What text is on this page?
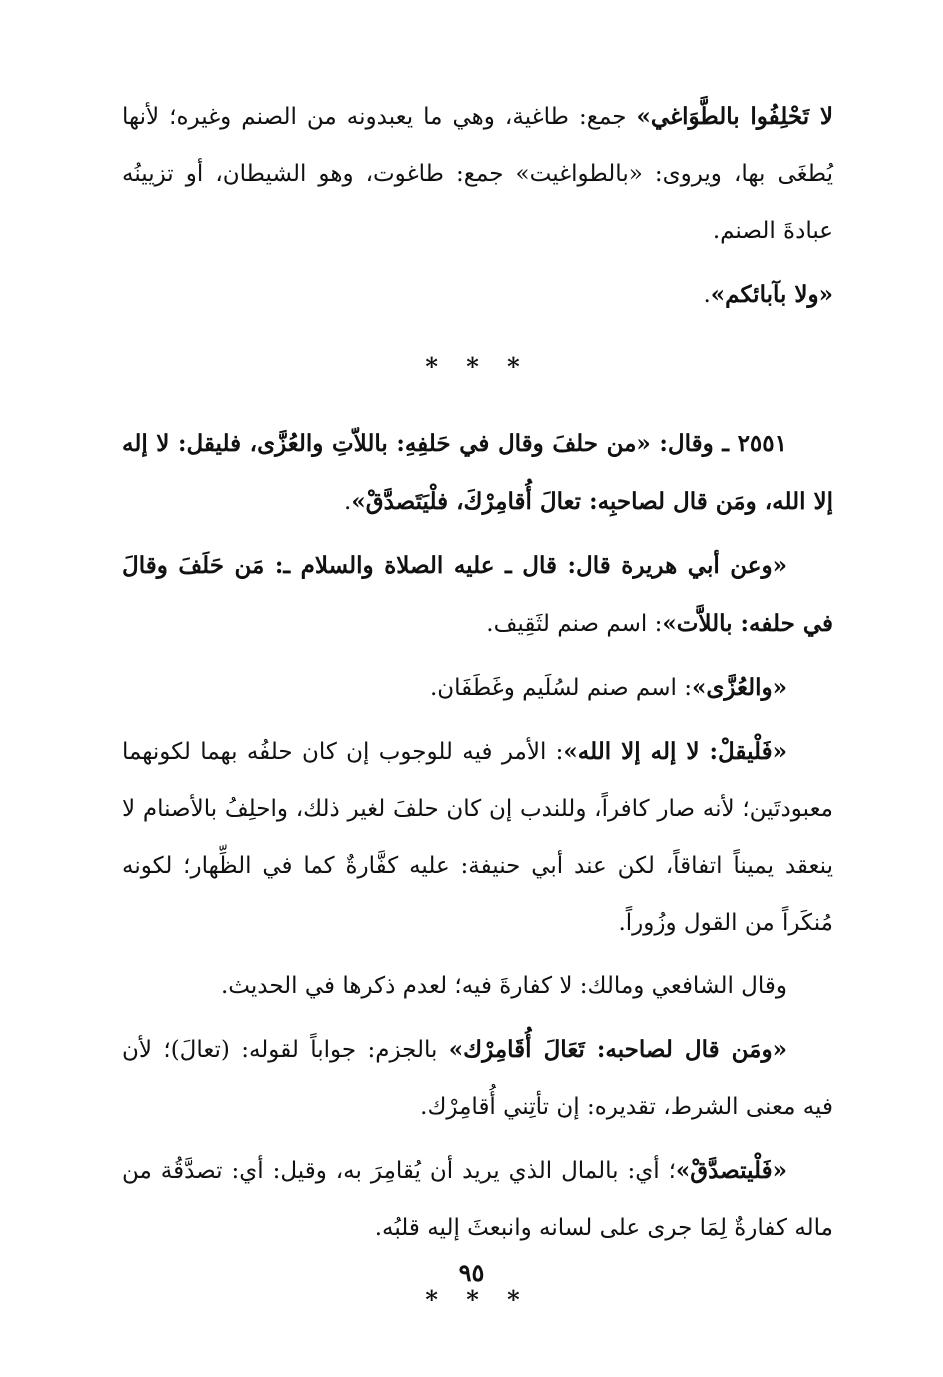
لا تَحْلِفُوا بالطَّوَاغي» جمع: طاغية، وهي ما يعبدونه من الصنم وغيره؛ لأنها يُطغَى بها، ويروى: «بالطواغيت» جمع: طاغوت، وهو الشيطان، أو تزيينُه عبادةَ الصنم.

«ولا بآبائكم».

* * *

٢٥٥١ ـ وقال: «من حلفَ وقال في حَلفِهِ: باللاّتِ والعُزَّى، فليقل: لا إله إلا الله، ومَن قال لصاحبِه: تعالَ أُقامِرْكَ، فلْيَتَصدَّقْ».

«وعن أبي هريرة قال: قال ـ عليه الصلاة والسلام ـ: مَن حَلَفَ وقالَ في حلفه: باللاَّت»: اسم صنم لثَقِيف.

«والعُزَّى»: اسم صنم لسُلَيم وغَطَفَان.

«فَلْيقلْ: لا إله إلا الله»: الأمر فيه للوجوب إن كان حلفُه بهما لكونهما معبودتَين؛ لأنه صار كافراً، وللندب إن كان حلفَ لغير ذلك، واحلِفُ بالأصنام لا ينعقد يميناً اتفاقاً، لكن عند أبي حنيفة: عليه كفَّارةٌ كما في الظِّهار؛ لكونه مُنكَراً من القول وزُوراً.

وقال الشافعي ومالك: لا كفارةَ فيه؛ لعدم ذكرها في الحديث.

«ومَن قال لصاحبه: تَعَالَ أُقَامِرْك» بالجزم: جواباً لقوله: (تعالَ)؛ لأن فيه معنى الشرط، تقديره: إن تأتِني أُقامِرْك.

«فَلْيتصدَّقْ»؛ أي: بالمال الذي يريد أن يُقامِرَ به، وقيل: أي: تصدَّقُة من ماله كفارةٌ لِمَا جرى على لسانه وانبعثَ إليه قلبُه.

* * *
٩٥
